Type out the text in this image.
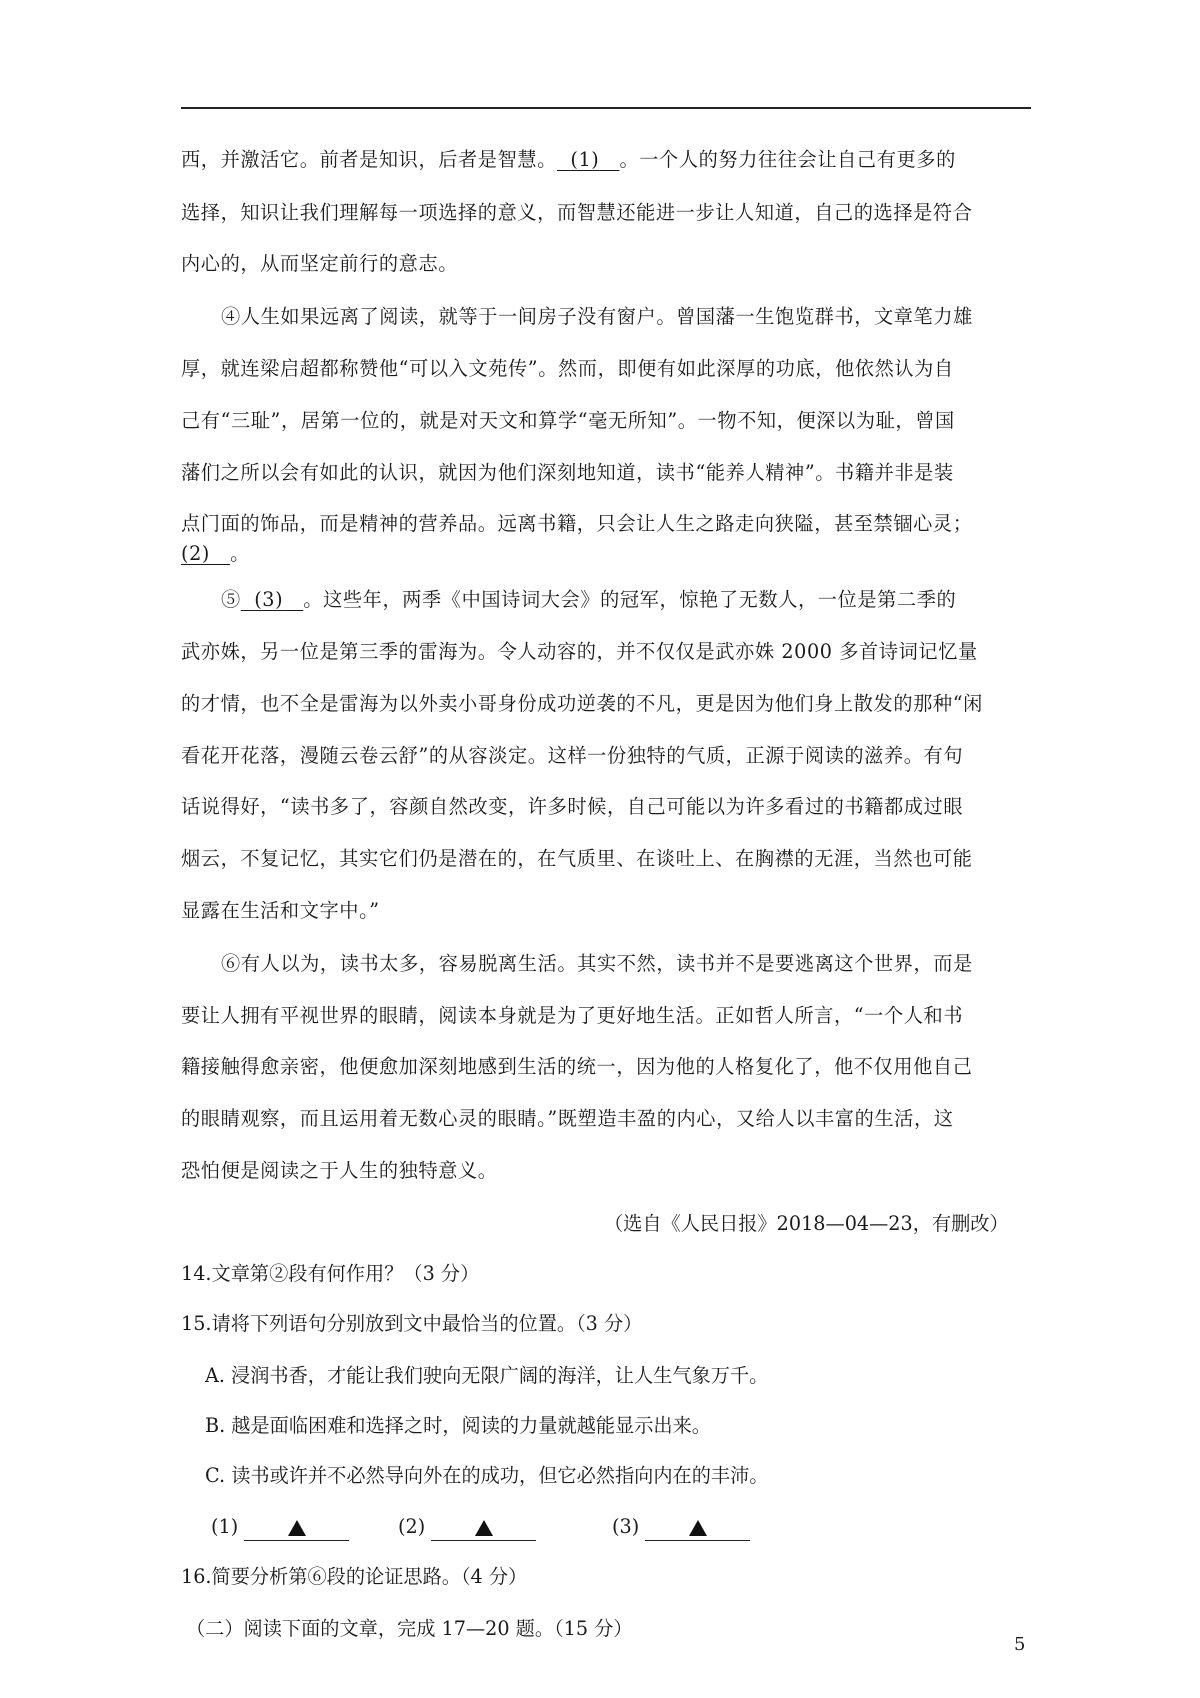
西，并激活它。前者是知识，后者是智慧。 (1) 。一个人的努力往往会让自己有更多的
选择，知识让我们理解每一项选择的意义，而智慧还能进一步让人知道，自己的选择是符合
内心的，从而坚定前行的意志。
④人生如果远离了阅读，就等于一间房子没有窗户。曾国藩一生饱览群书，文章笔力雄
厚，就连梁启超都称赞他“可以入文苑传”。然而，即便有如此深厚的功底，他依然认为自
己有“三耻”，居第一位的，就是对天文和算学“毫无所知”。一物不知，便深以为耻，曾国
藩们之所以会有如此的认识，就因为他们深刻地知道，读书“能养人精神”。书籍并非是装
点门面的饰品，而是精神的营养品。远离书籍，只会让人生之路走向狭隘，甚至禁锢心灵；
(2) 。
⑤ (3) 。这些年，两季《中国诗词大会》的冠军，惊艳了无数人，一位是第二季的
武亦姝，另一位是第三季的雷海为。令人动容的，并不仅仅是武亦姝 2000 多首诗词记忆量
的才情，也不全是雷海为以外卖小哥身份成功逆袭的不凡，更是因为他们身上散发的那种“闲
看花开花落，漫随云卷云舒”的从容淡定。这样一份独特的气质，正源于阅读的滋养。有句
话说得好，“读书多了，容颜自然改变，许多时候，自己可能以为许多看过的书籍都成过眼
烟云，不复记忆，其实它们仍是潜在的，在气质里、在谈吐上、在胸襟的无涯，当然也可能
显露在生活和文字中。”
⑥有人以为，读书太多，容易脱离生活。其实不然，读书并不是要逃离这个世界，而是
要让人拥有平视世界的眼睛，阅读本身就是为了更好地生活。正如哲人所言，“一个人和书
籍接触得愈亲密，他便愈加深刻地感到生活的统一，因为他的人格复化了，他不仅用他自己
的眼睛观察，而且运用着无数心灵的眼睛。”既塑造丰盈的内心，又给人以丰富的生活，这
恐怕便是阅读之于人生的独特意义。
（选自《人民日报》2018—04—23，有删改）
14.文章第②段有何作用？（3 分）
15.请将下列语句分别放到文中最恰当的位置。（3 分）
A. 浸润书香，才能让我们驶向无限广阔的海洋，让人生气象万千。
B. 越是面临困难和选择之时，阅读的力量就越能显示出来。
C. 读书或许并不必然导向外在的成功，但它必然指向内在的丰沛。
(1)	(2)	(3)
16.简要分析第⑥段的论证思路。（4 分）
（二）阅读下面的文章，完成 17—20 题。（15 分）
5
